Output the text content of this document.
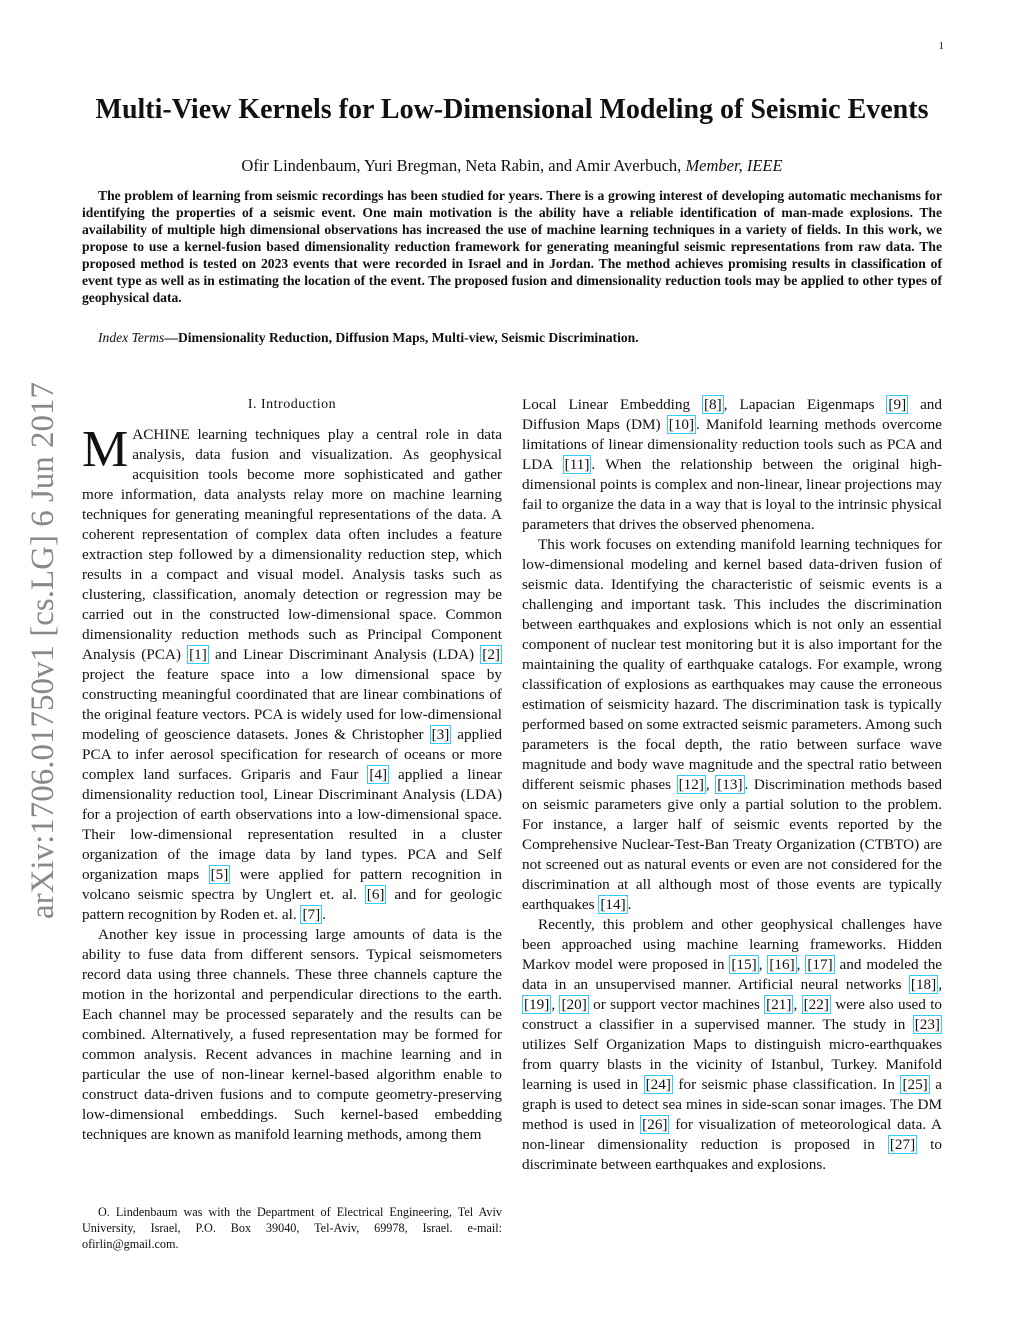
1
arXiv:1706.01750v1 [cs.LG] 6 Jun 2017
Multi-View Kernels for Low-Dimensional Modeling of Seismic Events
Ofir Lindenbaum, Yuri Bregman, Neta Rabin, and Amir Averbuch, Member, IEEE
The problem of learning from seismic recordings has been studied for years. There is a growing interest of developing automatic mechanisms for identifying the properties of a seismic event. One main motivation is the ability have a reliable identification of man-made explosions. The availability of multiple high dimensional observations has increased the use of machine learning techniques in a variety of fields. In this work, we propose to use a kernel-fusion based dimensionality reduction framework for generating meaningful seismic representations from raw data. The proposed method is tested on 2023 events that were recorded in Israel and in Jordan. The method achieves promising results in classification of event type as well as in estimating the location of the event. The proposed fusion and dimensionality reduction tools may be applied to other types of geophysical data.
Index Terms—Dimensionality Reduction, Diffusion Maps, Multi-view, Seismic Discrimination.
I. Introduction

MACHINE learning techniques play a central role in data analysis, data fusion and visualization. As geophysical acquisition tools become more sophisticated and gather more information, data analysts relay more on machine learning techniques for generating meaningful representations of the data. A coherent representation of complex data often includes a feature extraction step followed by a dimensionality reduction step, which results in a compact and visual model. Analysis tasks such as clustering, classification, anomaly detection or regression may be carried out in the constructed low-dimensional space. Common dimensionality reduction methods such as Principal Component Analysis (PCA) [1] and Linear Discriminant Analysis (LDA) [2] project the feature space into a low dimensional space by constructing meaningful coordinated that are linear combinations of the original feature vectors. PCA is widely used for low-dimensional modeling of geoscience datasets. Jones & Christopher [3] applied PCA to infer aerosol specification for research of oceans or more complex land surfaces. Griparis and Faur [4] applied a linear dimensionality reduction tool, Linear Discriminant Analysis (LDA) for a projection of earth observations into a low-dimensional space. Their low-dimensional representation resulted in a cluster organization of the image data by land types. PCA and Self organization maps [5] were applied for pattern recognition in volcano seismic spectra by Unglert et. al. [6] and for geologic pattern recognition by Roden et. al. [7] .

Another key issue in processing large amounts of data is the ability to fuse data from different sensors. Typical seismometers record data using three channels. These three channels capture the motion in the horizontal and perpendicular directions to the earth. Each channel may be processed separately and the results can be combined. Alternatively, a fused representation may be formed for common analysis. Recent advances in machine learning and in particular the use of non-linear kernel-based algorithm enable to construct data-driven fusions and to compute geometry-preserving low-dimensional embeddings. Such kernel-based embedding techniques are known as manifold learning methods, among them

O. Lindenbaum was with the Department of Electrical Engineering, Tel Aviv University, Israel, P.O. Box 39040, Tel-Aviv, 69978, Israel. e-mail: ofirlin@gmail.com.

Local Linear Embedding [8] , Lapacian Eigenmaps [9] and Diffusion Maps (DM) [10] . Manifold learning methods overcome limitations of linear dimensionality reduction tools such as PCA and LDA [11] . When the relationship between the original high-dimensional points is complex and non-linear, linear projections may fail to organize the data in a way that is loyal to the intrinsic physical parameters that drives the observed phenomena.

This work focuses on extending manifold learning techniques for low-dimensional modeling and kernel based data-driven fusion of seismic data. Identifying the characteristic of seismic events is a challenging and important task. This includes the discrimination between earthquakes and explosions which is not only an essential component of nuclear test monitoring but it is also important for the maintaining the quality of earthquake catalogs. For example, wrong classification of explosions as earthquakes may cause the erroneous estimation of seismicity hazard. The discrimination task is typically performed based on some extracted seismic parameters. Among such parameters is the focal depth, the ratio between surface wave magnitude and body wave magnitude and the spectral ratio between different seismic phases [12] , [13] . Discrimination methods based on seismic parameters give only a partial solution to the problem. For instance, a larger half of seismic events reported by the Comprehensive Nuclear-Test-Ban Treaty Organization (CTBTO) are not screened out as natural events or even are not considered for the discrimination at all although most of those events are typically earthquakes [14] .

Recently, this problem and other geophysical challenges have been approached using machine learning frameworks. Hidden Markov model were proposed in [15] , [16] , [17] and modeled the data in an unsupervised manner. Artificial neural networks [18] , [19] , [20] or support vector machines [21] , [22] were also used to construct a classifier in a supervised manner. The study in [23] utilizes Self Organization Maps to distinguish micro-earthquakes from quarry blasts in the vicinity of Istanbul, Turkey. Manifold learning is used in [24] for seismic phase classification. In [25] a graph is used to detect sea mines in side-scan sonar images. The DM method is used in [26] for visualization of meteorological data. A non-linear dimensionality reduction is proposed in [27] to discriminate between earthquakes and explosions.
